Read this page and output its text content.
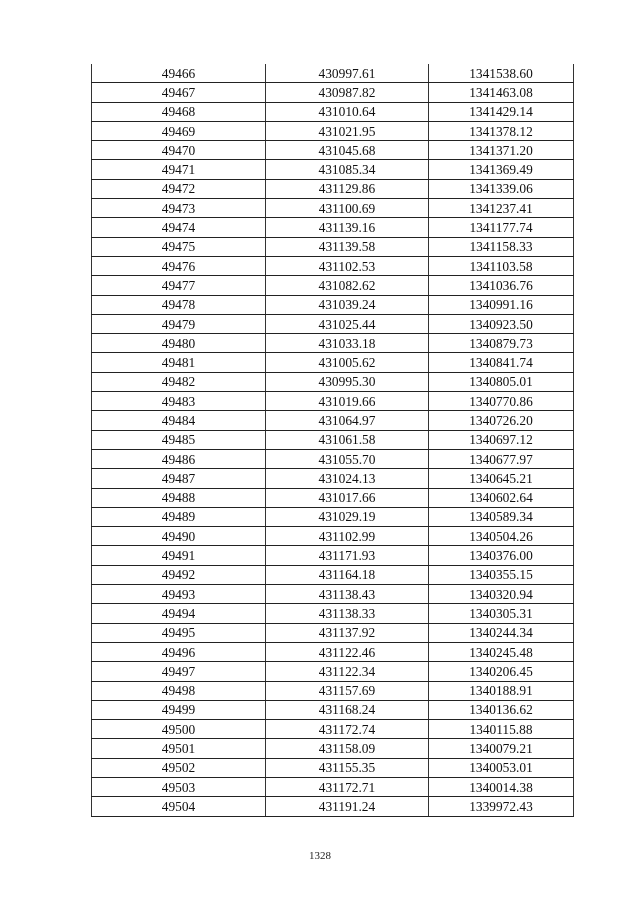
49466	430997.61	1341538.60
49467	430987.82	1341463.08
49468	431010.64	1341429.14
49469	431021.95	1341378.12
49470	431045.68	1341371.20
49471	431085.34	1341369.49
49472	431129.86	1341339.06
49473	431100.69	1341237.41
49474	431139.16	1341177.74
49475	431139.58	1341158.33
49476	431102.53	1341103.58
49477	431082.62	1341036.76
49478	431039.24	1340991.16
49479	431025.44	1340923.50
49480	431033.18	1340879.73
49481	431005.62	1340841.74
49482	430995.30	1340805.01
49483	431019.66	1340770.86
49484	431064.97	1340726.20
49485	431061.58	1340697.12
49486	431055.70	1340677.97
49487	431024.13	1340645.21
49488	431017.66	1340602.64
49489	431029.19	1340589.34
49490	431102.99	1340504.26
49491	431171.93	1340376.00
49492	431164.18	1340355.15
49493	431138.43	1340320.94
49494	431138.33	1340305.31
49495	431137.92	1340244.34
49496	431122.46	1340245.48
49497	431122.34	1340206.45
49498	431157.69	1340188.91
49499	431168.24	1340136.62
49500	431172.74	1340115.88
49501	431158.09	1340079.21
49502	431155.35	1340053.01
49503	431172.71	1340014.38
49504	431191.24	1339972.43
1328
